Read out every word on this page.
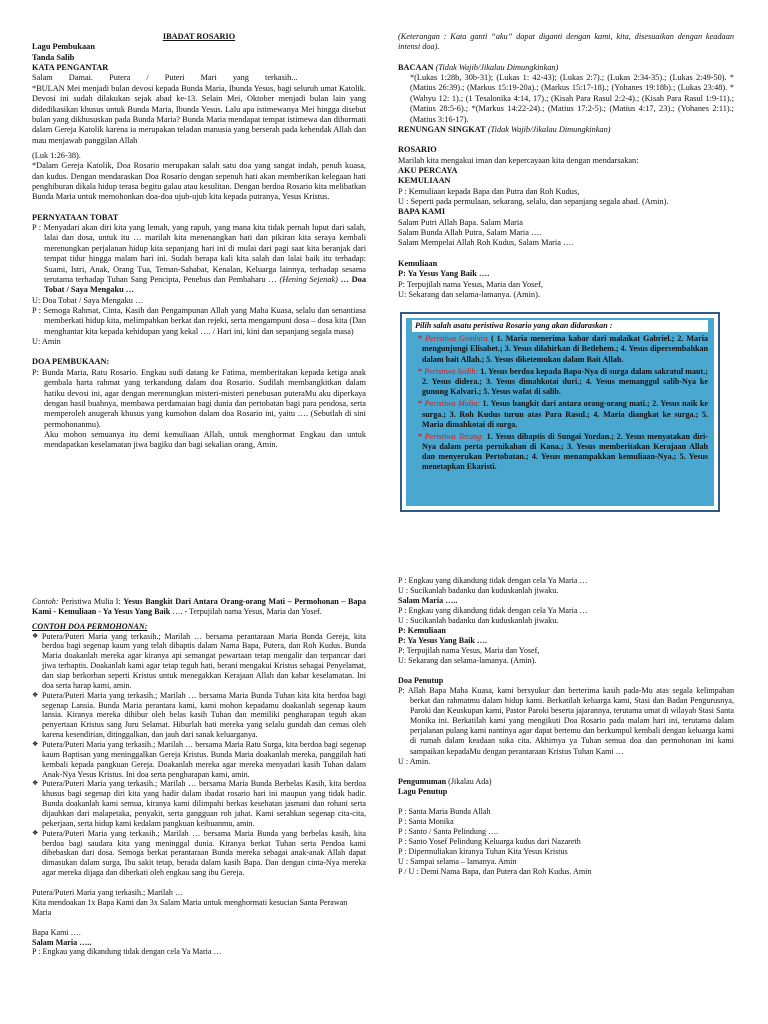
IBADAT ROSARIO

Lagu Pembukaan

Tanda Salib

KATA PENGANTAR

Salam Damai. Putera / Puteri Mari yang terkasih...

*BULAN Mei menjadi bulan devosi kepada Bunda Maria, Ibunda Yesus, bagi seluruh umat Katolik. Devosi ini sudah dilakukan sejak abad ke-13. Selain Mei, Oktober menjadi bulan lain yang didedikasikan khusus untuk Bunda Maria, Ibunda Yesus. Lalu apa istimewanya Mei hingga disebut bulan yang dikhususkan pada Bunda Maria? Bunda Maria mendapat tempat istimewa dan dihormati dalam Gereja Katolik karena ia merupakan teladan manusia yang berserah pada kehendak Allah dan mau menjawab panggilan Allah

(Luk 1:26-38).

*Dalam Gereja Katolik, Doa Rosario merupakan salah satu doa yang sangat indah, penuh kuasa, dan kudus. Dengan mendaraskan Doa Rosario dengan sepenuh hati akan memberikan kelegaan hati penghiburan dikala hidup terasa begitu galau atau kesulitan. Dengan berdoa Rosario kita melibatkan Bunda Maria untuk memohonkan doa-doa ujub-ujub kita kepada putranya, Yesus Kristus.

PERNYATAAN TOBAT

P : Menyadari akan diri kita yang lemah, yang rapuh, yang mana kita tidak pernah luput dari salah, lalai dan dosa, untuk itu … marilah kita menenangkan hati dan pikiran kita seraya kembali merenungkan perjalanan hidup kita sepanjang hari ini di mulai dari pagi saat kita beranjak dari tempat tidur hingga malam hari ini. Sudah berapa kali kita salah dan lalai baik itu terhadap: Suami, Istri, Anak, Orang Tua, Teman-Sahabat, Kenalan, Keluarga lainnya, terhadap sesama terutama terhadap Tuhan Sang Pencipta, Penebus dan Pembaharu … (Hening Sejenak) … Doa Tobat / Saya Mengaku …

U: Doa Tobat / Saya Mengaku …

P : Semoga Rahmat, Cinta, Kasih dan Pengampunan Allah yang Maha Kuasa, selalu dan senantiasa memberkati hidup kita, melimpahkan berkat dan rejeki, serta mengampuni dosa – dosa kita (Dan menghantar kita kepada kehidupan yang kekal …. / Hari ini, kini dan sepanjang segala masa)

U: Amin

DOA PEMBUKAAN:

P: Bunda Maria, Ratu Rosario. Engkau sudi datang ke Fatima, memberitakan kepada ketiga anak gembala harta rahmat yang terkandung dalam doa Rosario. Sudilah membangkitkan dalam hatiku devosi ini, agar dengan merenungkan misteri-misteri penebusan puteraMu aku diperkaya dengan hasil buahnya, membawa perdamaian bagi dunia dan pertobatan bagi para pendosa, serta memperoleh anugerah khusus yang kumohon dalam doa Rosario ini, yaitu …. (Sebutlah di sini permohonanmu).

Aku mohon semuanya itu demi kemuliaan Allah, untuk menghormat Engkau dan untuk mendapatkan keselamatan jiwa bagiku dan bagi sekalian orang, Amin.

(Keterangan : Kata ganti “aku” dapat diganti dengan kami, kita, disesuaikan dengan keadaan intensi doa).

BACAAN (Tidak Wajib/Jikalau Dimungkinkan)

*(Lukas 1:28b, 30b-31); (Lukas 1: 42-43); (Lukas 2:7).; (Lukas 2:34-35).; (Lukas 2:49-50). *(Matius 26:39).; (Markus 15:19-20a).; (Markus 15:17-18).; (Yohanes 19:18b).; (Lukas 23:48). *(Wahyu 12: 1).; (1 Tesalonika 4:14, 17).; (Kisah Para Rasul 2:2-4).; (Kisah Para Rasul 1:9-11).; (Matius 28:5-6).; *(Markus 14:22-24).; (Matius 17:2-5).; (Matius 4:17, 23).; (Yohanes 2:11).; (Matius 3:16-17).

RENUNGAN SINGKAT (Tidak Wajib/Jikalau Dimungkinkan)

ROSARIO

Marilah kita mengakui iman dan kepercayaan kita dengan mendarsakan:

AKU PERCAYA

KEMULIAAN

P : Kemuliaan kepada Bapa dan Putra dan Roh Kudus,

U : Seperti pada permulaan, sekarang, selalu, dan sepanjang segala abad. (Amin).

BAPA KAMI

Salam Putri Allah Bapa. Salam Maria

Salam Bunda Allah Putra, Salam Maria ….

Salam Mempelai Allah Roh Kudus, Salam Maria ….

Kemuliaan

P: Ya Yesus Yang Baik ….

P: Terpujilah nama Yesus, Maria dan Yosef,

U: Sekarang dan selama-lamanya. (Amin).

Pilih salah asatu peristiwa Rosario yang akan didaraskan :

* Peristiwa Gembira ( 1. Maria menerima kabar dari malaikat Gabriel.; 2. Maria mengunjungi Elisabet.; 3. Yesus dilahirkan di Betlehem.; 4. Yesus dipersembahkan dalam bait Allah.; 5. Yesus diketemukan dalam Bait Allah.

* Peristiwa Sedih: 1. Yesus berdoa kepada Bapa-Nya di surga dalam sakratul maut.; 2. Yesus didera.; 3. Yesus dimahkotai duri.; 4. Yesus memanggul salib-Nya ke gunung Kalvari.; 5. Yesus wafat di salib.

* Peristiwa Mulia: 1. Yesus bangkit dari antara orang-orang mati.; 2. Yesus naik ke surga.; 3. Roh Kudus turun atas Para Rasul.; 4. Maria diangkat ke surga.; 5. Maria dimahkotai di surga.

* Peristiwa Terang: 1. Yesus dibaptis di Sungai Yordan.; 2. Yesus menyatakan diri-Nya dalam perta pernikahan di Kana.; 3. Yesus memberitakan Kerajaan Allah dan menyerukan Pertobatan.; 4. Yesus menampakkan kemuliaan-Nya.; 5. Yesus menetapkan Ekaristi.

Contoh: Peristiwa Mulia I: Yesus Bangkit Dari Antara Orang-orang Mati – Permohonan – Bapa Kami - Kemuliaan - Ya Yesus Yang Baik …. - Terpujilah nama Yesus, Maria dan Yosef.

CONTOH DOA PERMOHONAN:

❖ Putera/Puteri Maria yang terkasih.; Marilah … bersama perantaraan Maria Bunda Gereja, kita berdoa bagi segenap kaum yang telah dibaptis dalam Nama Bapa, Putera, dan Roh Kudus. Bunda Maria doakanlah mereka agar kiranya api semangat pewartaan tetap mengalir dan terpancar dari jiwa terbaptis. Doakanlah kami agar tetap teguh hati, berani mengakui Kristus sebagai Penyelamat, dan siap berkorban seperti Kristus untuk menegakkan Kerajaan Allah dan kabar keselamatan. Ini doa serta harap kami, amin.
❖ Putera/Puteri Maria yang terkasih.; Marilah … bersama Maria Bunda Tuhan kita kita berdoa bagi segenap Lansia. Bunda Maria perantara kami, kami mohon kepadamu doakanlah segenap kaum lansia. Kiranya mereka dihibur oleh belas kasih Tuhan dan memiliki pengharapan teguh akan penyertaan Kristus sang Juru Selamat. Hiburlah hati mereka yang selalu gundah dan cemas oleh karena kesendirian, ditinggalkan, dan jauh dari sanak keluarganya.
❖ Putera/Puteri Maria yang terkasih.; Marilah … bersama Maria Ratu Surga, kita berdoa bagi segenap kaum Baptisan yang meninggalkan Gereja Kristus. Bunda Maria doakanlah mereka, panggilah hati kembali kepada pangkuan Gereja. Doakanlah mereka agar mereka menyadari kasih Tuhan dalam Anak-Nya Yesus Kristus. Ini doa serta pengharapan kami, amin.
❖ Putera/Puteri Maria yang terkasih.; Marilah … bersama Maria Bunda Berbelas Kasih, kita berdoa khusus bagi segenap diri kita yang hadir dalam ibadat rosario hari ini maupun yang tidak hadir. Bunda doakanlah kami semua, kiranya kami dilimpahi berkas kesehatan jasmani dan rohani serta dijauhkan dari malapetaka, penyakit, serta gangguan roh jahat. Kami serahkan segenap cita-cita, pekerjaan, serta hidup kami kedalam pangkuan keibuanmu, amin.
❖ Putera/Puteri Maria yang terkasih.; Marilah … bersama Maria Bunda yang berbelas kasih, kita berdoa bagi saudara kita yang meninggal dunia. Kiranya berkat Tuhan serta Pendoa kami dibebaskan dari dosa. Semoga berkat perantaraan Bunda mereka sebagai anak-anak Allah dapat dimasukan dalam surga, Ibu sakit tetap, berada dalam kasih Bapa. Dan dengan cinta-Nya mereka agar mereka dijaga dan diberkati oleh engkau sang ibu Gereja.

Putera/Puteri Maria yang terkasih.; Marilah …

Kita mendoakan 1x Bapa Kami dan 3x Salam Maria untuk menghormati kesucian Santa Perawan Maria

Bapa Kami ….

Salam Maria …..

P : Engkau yang dikandung tidak dengan cela Ya Maria …

P : Engkau yang dikandung tidak dengan cela Ya Maria …

U : Sucikanlah badanku dan kuduskanlah jiwaku.

Salam Maria …..

P : Engkau yang dikandung tidak dengan cela Ya Maria …

U : Sucikanlah badanku dan kuduskanlah jiwaku.

P: Kemuliaan

P: Ya Yesus Yang Baik ….

P: Terpujilah nama Yesus, Maria dan Yosef,

U: Sekarang dan selama-lamanya. (Amin).

Doa Penutup

P: Allah Bapa Maha Kuasa, kami bersyukur dan berterima kasih pada-Mu atas segala kelimpahan berkat dan rahmatmu dalam hidup kami. Berkatilah keluarga kami, Stasi dan Badan Pengurusnya, Paroki dan Keuskupan kami, Pastor Paroki beserta jajarannya, terutama umat di wilayah Stasi Santa Monika ini. Berkatilah kami yang mengikuti Doa Rosario pada malam hari ini, terutama dalam perjalanan pulang kami nantinya agar dapat bertemu dan berkumpul kembali dengan keluarga kami di rumah dalam keadaan suka cita. Akhirnya ya Tuhan semua doa dan permohonan ini kami sampaikan kepadaMu dengan perantaraan Kristus Tuhan Kami …

U : Amin.

Pengumuman (Jikalau Ada)

Lagu Penutup

P : Santa Maria Bunda Allah

P : Santa Monika

P : Santo / Santa Pelindung ….

P : Santo Yosef Pelindung Keluarga kudus dari Nazareth

P : Dipermuliakan kiranya Tuhan Kita Yesus Kristus

U : Sampai selama – lamanya. Amin

P / U : Demi Nama Bapa, dan Putera dan Roh Kudus. Amin
